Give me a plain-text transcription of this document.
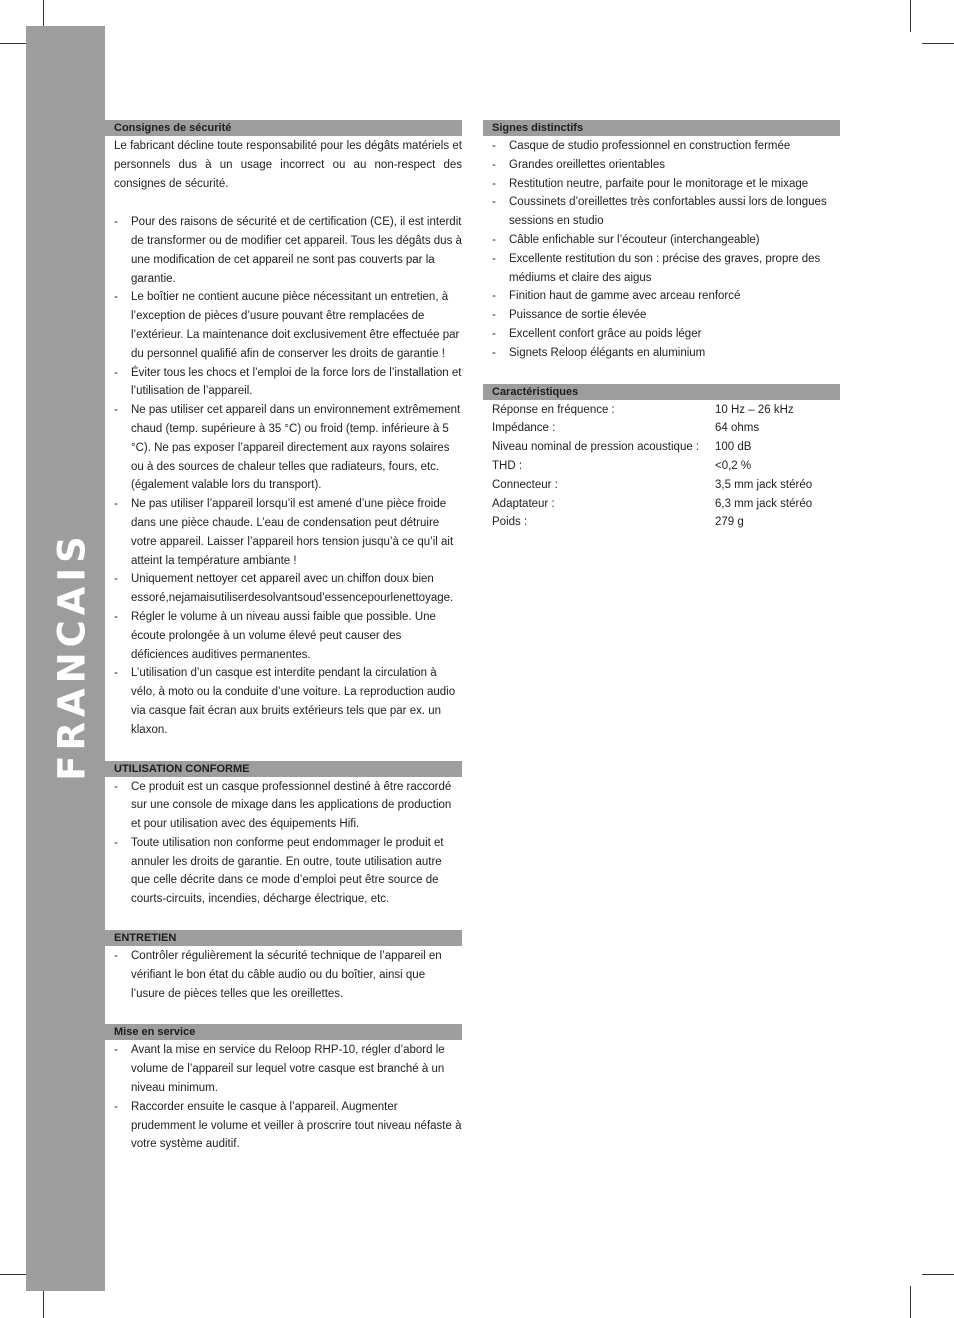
FRANCAIS
Consignes de sécurité
Le fabricant décline toute responsabilité pour les dégâts matériels et personnels dus à un usage incorrect ou au non-respect des consignes de sécurité.
- Pour des raisons de sécurité et de certification (CE), il est interdit de transformer ou de modifier cet appareil. Tous les dégâts dus à une modification de cet appareil ne sont pas couverts par la garantie.
- Le boîtier ne contient aucune pièce nécessitant un entretien, à l’exception de pièces d’usure pouvant être remplacées de l’extérieur. La maintenance doit exclusivement être effectuée par du personnel qualifié afin de conserver les droits de garantie !
- Éviter tous les chocs et l’emploi de la force lors de l’installation et l’utilisation de l’appareil.
- Ne pas utiliser cet appareil dans un environnement extrêmement chaud (temp. supérieure à 35 °C) ou froid (temp. inférieure à 5 °C). Ne pas exposer l’appareil directement aux rayons solaires ou à des sources de chaleur telles que radiateurs, fours, etc. (également valable lors du transport).
- Ne pas utiliser l’appareil lorsqu’il est amené d’une pièce froide dans une pièce chaude. L’eau de condensation peut détruire votre appareil. Laisser l’appareil hors tension jusqu’à ce qu’il ait atteint la température ambiante !
- Uniquement nettoyer cet appareil avec un chiffon doux bien essoré,nejamaisutiliserdesolvantsoud’essencepourlenettoyage.
- Régler le volume à un niveau aussi faible que possible. Une écoute prolongée à un volume élevé peut causer des déficiences auditives permanentes.
- L’utilisation d’un casque est interdite pendant la circulation à vélo, à moto ou la conduite d’une voiture. La reproduction audio via casque fait écran aux bruits extérieurs tels que par ex. un klaxon.
UTILISATION CONFORME
- Ce produit est un casque professionnel destiné à être raccordé sur une console de mixage dans les applications de production et pour utilisation avec des équipements Hifi.
- Toute utilisation non conforme peut endommager le produit et annuler les droits de garantie. En outre, toute utilisation autre que celle décrite dans ce mode d’emploi peut être source de courts-circuits, incendies, décharge électrique, etc.
ENTRETIEN
- Contrôler régulièrement la sécurité technique de l’appareil en vérifiant le bon état du câble audio ou du boîtier, ainsi que l’usure de pièces telles que les oreillettes.
Mise en service
- Avant la mise en service du Reloop RHP-10, régler d’abord le volume de l’appareil sur lequel votre casque est branché à un niveau minimum.
- Raccorder ensuite le casque à l’appareil. Augmenter prudemment le volume et veiller à proscrire tout niveau néfaste à votre système auditif.
Signes distinctifs
- Casque de studio professionnel en construction fermée
- Grandes oreillettes orientables
- Restitution neutre, parfaite pour le monitorage et le mixage
- Coussinets d’oreillettes très confortables aussi lors de longues sessions en studio
- Câble enfichable sur l’écouteur (interchangeable)
- Excellente restitution du son : précise des graves, propre des médiums et claire des aigus
- Finition haut de gamme avec arceau renforcé
- Puissance de sortie élevée
- Excellent confort grâce au poids léger
- Signets Reloop élégants en aluminium
Caractéristiques
Réponse en fréquence :	10 Hz – 26 kHz
Impédance :	64 ohms
Niveau nominal de pression acoustique :	100 dB
THD :	<0,2 %
Connecteur :	3,5 mm jack stéréo
Adaptateur :	6,3 mm jack stéréo
Poids :	279 g
